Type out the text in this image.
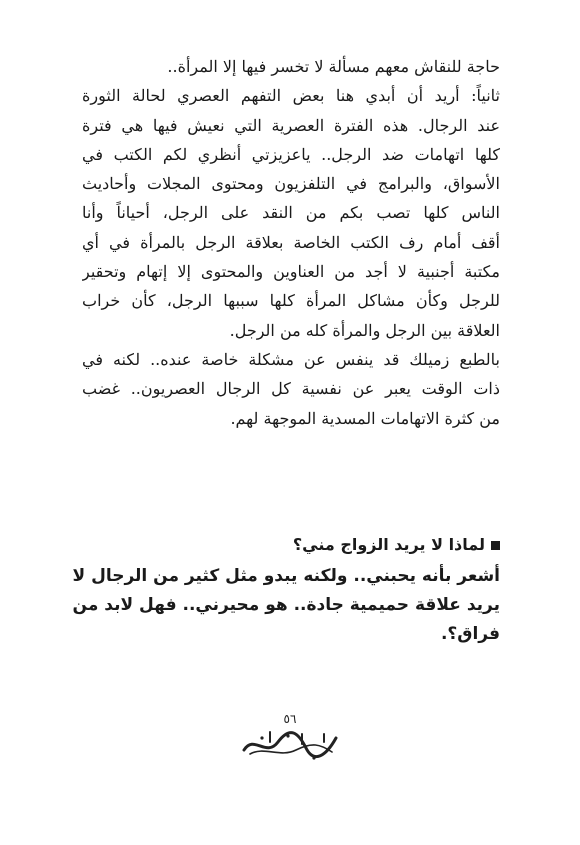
حاجة للنقاش معهم مسألة لا تخسر فيها إلا المرأة..

ثانياً: أريد أن أبدي هنا بعض التفهم العصري لحالة الثورة

عند الرجال. هذه الفترة العصرية التي نعيش فيها هي فترة

كلها اتهامات ضد الرجل.. ياعزيزتي أنظري لكم الكتب في

الأسواق، والبرامج في التلفزيون ومحتوى المجلات وأحاديث

الناس كلها تصب بكم من النقد على الرجل، أحياناً وأنا

أقف أمام رف الكتب الخاصة بعلاقة الرجل بالمرأة في أي

مكتبة أجنبية لا أجد من العناوين والمحتوى إلا إتهام وتحقير

للرجل وكأن مشاكل المرأة كلها سببها الرجل، كأن خراب

العلاقة بين الرجل والمرأة كله من الرجل.

بالطبع زميلك قد ينفس عن مشكلة خاصة عنده.. لكنه في

ذات الوقت يعبر عن نفسية كل الرجال العصريون.. غضب

من كثرة الاتهامات المسدية الموجهة لهم.

لماذا لا يريد الزواج مني؟

أشعر بأنه يحبني.. ولكنه يبدو مثل كثير من الرجال لا

يريد علاقة حميمية جادة.. هو محيرني.. فهل لابد من

فراق؟.

٥٦
